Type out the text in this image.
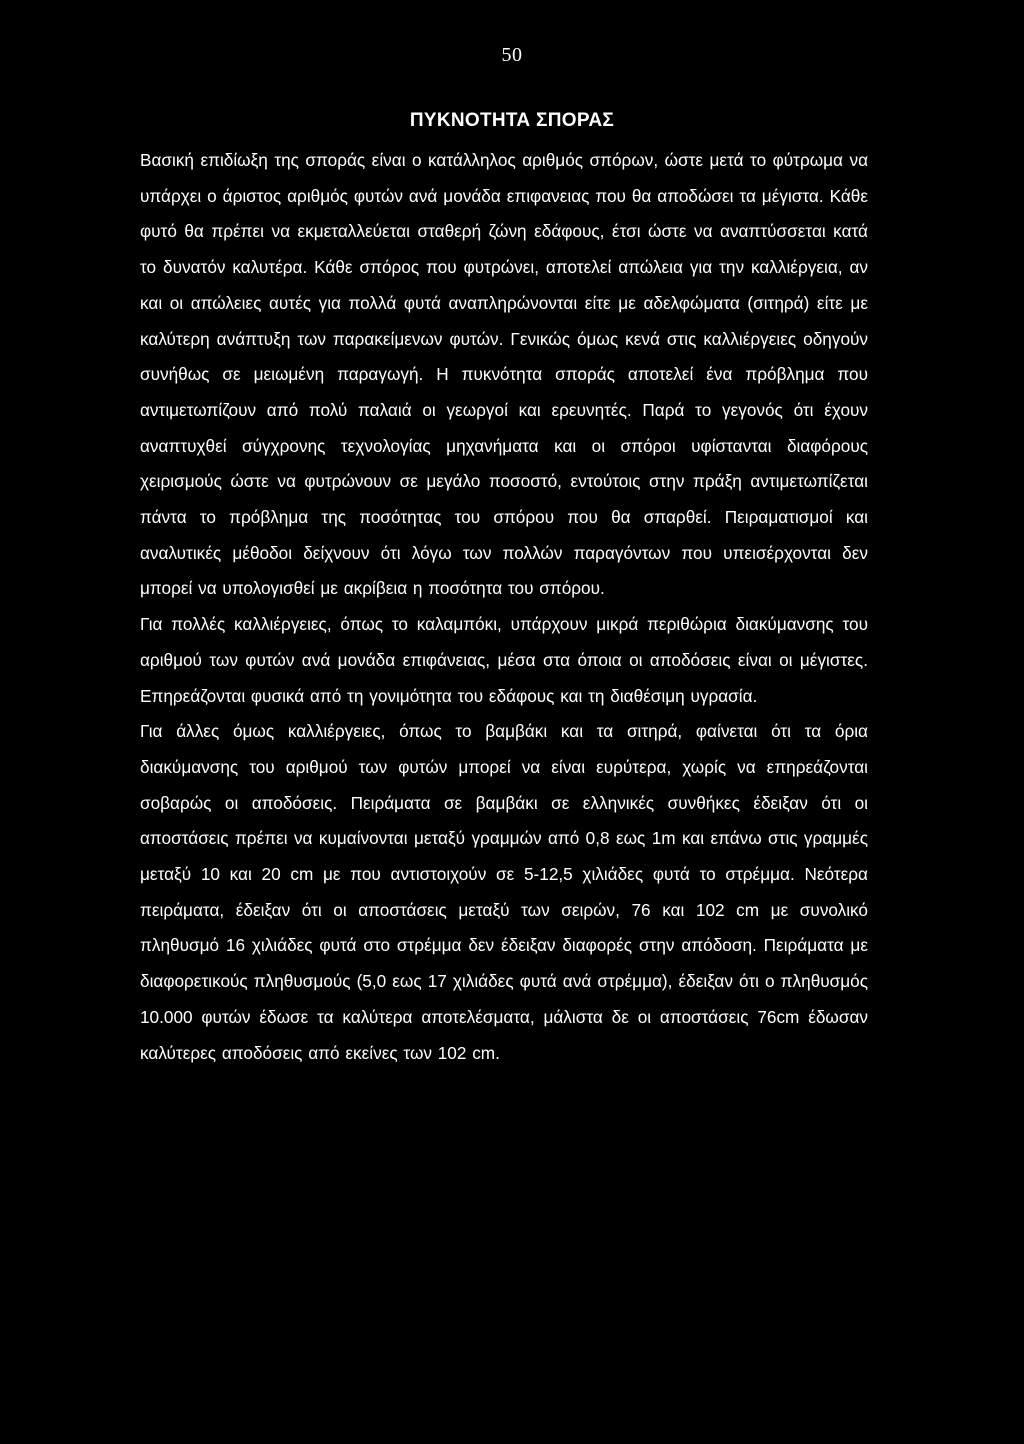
50
ΠΥΚΝΟΤΗΤΑ ΣΠΟΡΑΣ

Βασική επιδίωξη της σποράς είναι ο κατάλληλος αριθμός σπόρων, ώστε μετά το φύτρωμα να υπάρχει ο άριστος αριθμός φυτών ανά μονάδα επιφανειας που θα αποδώσει τα μέγιστα. Κάθε φυτό θα πρέπει να εκμεταλλεύεται σταθερή ζώνη εδάφους, έτσι ώστε να αναπτύσσεται κατά το δυνατόν καλυτέρα. Κάθε σπόρος που φυτρώνει, αποτελεί απώλεια για την καλλιέργεια, αν και οι απώλειες αυτές για πολλά φυτά αναπληρώνονται είτε με αδελφώματα (σιτηρά) είτε με καλύτερη ανάπτυξη των παρακείμενων φυτών. Γενικώς όμως κενά στις καλλιέργειες οδηγούν συνήθως σε μειωμένη παραγωγή. Η πυκνότητα σποράς αποτελεί ένα πρόβλημα που αντιμετωπίζουν από πολύ παλαιά οι γεωργοί και ερευνητές. Παρά το γεγονός ότι έχουν αναπτυχθεί σύγχρονης τεχνολογίας μηχανήματα και οι σπόροι υφίστανται διαφόρους χειρισμούς ώστε να φυτρώνουν σε μεγάλο ποσοστό, εντούτοις στην πράξη αντιμετωπίζεται πάντα το πρόβλημα της ποσότητας του σπόρου που θα σπαρθεί. Πειραματισμοί και αναλυτικές μέθοδοι δείχνουν ότι λόγω των πολλών παραγόντων που υπεισέρχονται δεν μπορεί να υπολογισθεί με ακρίβεια η ποσότητα του σπόρου.

Για πολλές καλλιέργειες, όπως το καλαμπόκι, υπάρχουν μικρά περιθώρια διακύμανσης του αριθμού των φυτών ανά μονάδα επιφάνειας, μέσα στα όποια οι αποδόσεις είναι οι μέγιστες. Επηρεάζονται φυσικά από τη γονιμότητα του εδάφους και τη διαθέσιμη υγρασία.

Για άλλες όμως καλλιέργειες, όπως το βαμβάκι και τα σιτηρά, φαίνεται ότι τα όρια διακύμανσης του αριθμού των φυτών μπορεί να είναι ευρύτερα, χωρίς να επηρεάζονται σοβαρώς οι αποδόσεις. Πειράματα σε βαμβάκι σε ελληνικές συνθήκες έδειξαν ότι οι αποστάσεις πρέπει να κυμαίνονται μεταξύ γραμμών από 0,8 εως 1m και επάνω στις γραμμές μεταξύ 10 και 20 cm με που αντιστοιχούν σε 5-12,5 χιλιάδες φυτά το στρέμμα. Νεότερα πειράματα, έδειξαν ότι οι αποστάσεις μεταξύ των σειρών, 76 και 102 cm με συνολικό πληθυσμό 16 χιλιάδες φυτά στο στρέμμα δεν έδειξαν διαφορές στην απόδοση. Πειράματα με διαφορετικούς πληθυσμούς (5,0 εως 17 χιλιάδες φυτά ανά στρέμμα), έδειξαν ότι ο πληθυσμός 10.000 φυτών έδωσε τα καλύτερα αποτελέσματα, μάλιστα δε οι αποστάσεις 76cm έδωσαν καλύτερες αποδόσεις από εκείνες των 102 cm.
